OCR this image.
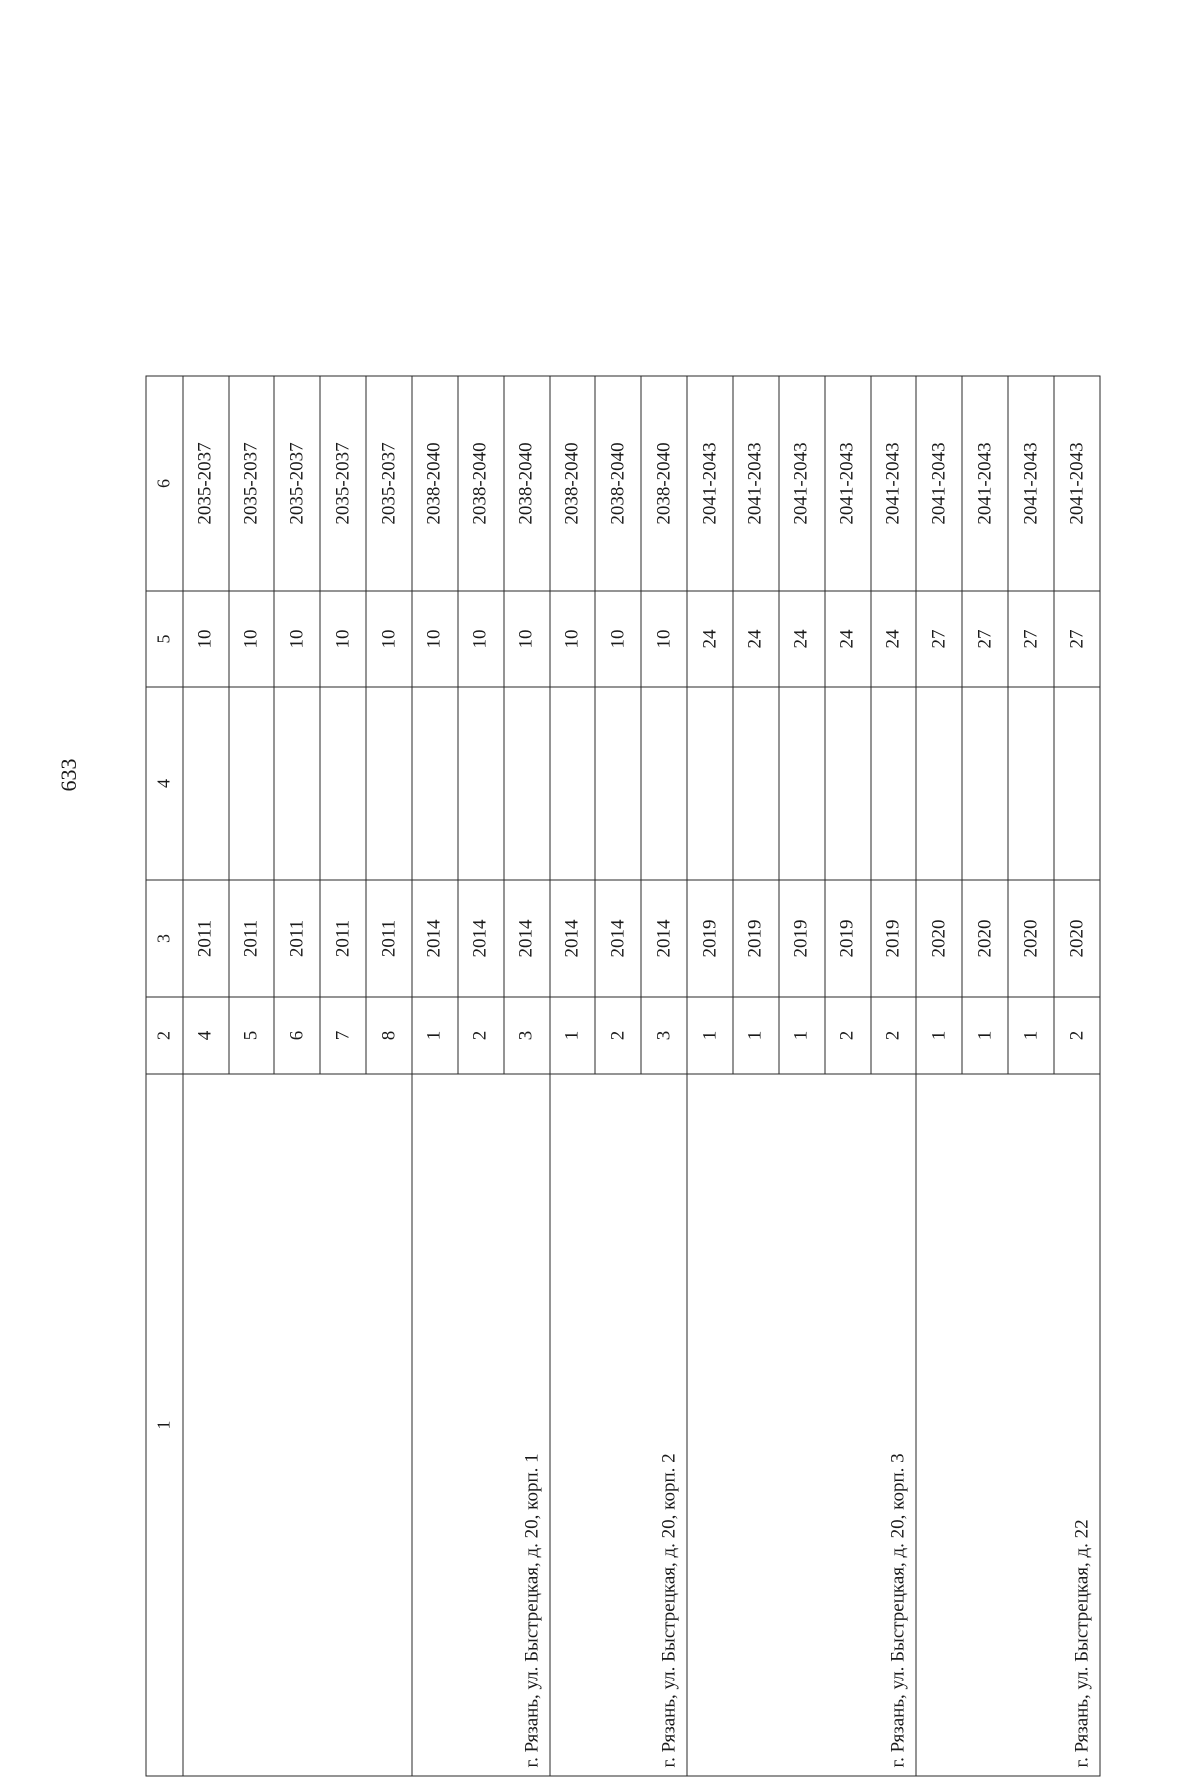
633
1	2	3	4	5	6
	4	2011		10	2035-2037
	5	2011		10	2035-2037
	6	2011		10	2035-2037
	7	2011		10	2035-2037
	8	2011		10	2035-2037
г. Рязань, ул. Быстрецкая, д. 20, корп. 1	1	2014		10	2038-2040
	2	2014		10	2038-2040
	3	2014		10	2038-2040
г. Рязань, ул. Быстрецкая, д. 20, корп. 2	1	2014		10	2038-2040
	2	2014		10	2038-2040
	3	2014		10	2038-2040
г. Рязань, ул. Быстрецкая, д. 20, корп. 3	1	2019		24	2041-2043
	1	2019		24	2041-2043
	1	2019		24	2041-2043
	2	2019		24	2041-2043
	2	2019		24	2041-2043
г. Рязань, ул. Быстрецкая, д. 22	1	2020		27	2041-2043
	1	2020		27	2041-2043
	1	2020		27	2041-2043
	2	2020		27	2041-2043
